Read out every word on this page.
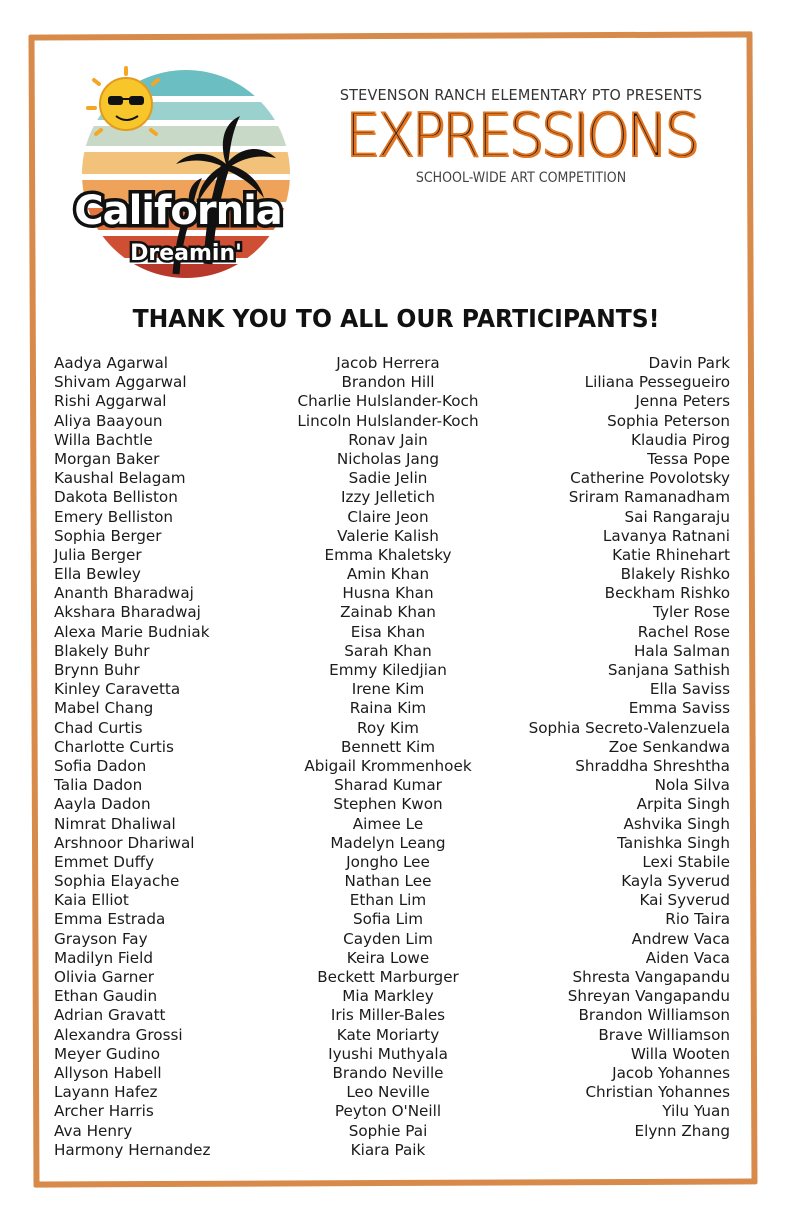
California
Dreamin'
STEVENSON RANCH ELEMENTARY PTO PRESENTS
EXPRESSIONS
SCHOOL-WIDE ART COMPETITION
THANK YOU TO ALL OUR PARTICIPANTS!
Aadya Agarwal
Shivam Aggarwal
Rishi Aggarwal
Aliya Baayoun
Willa Bachtle
Morgan Baker
Kaushal Belagam
Dakota Belliston
Emery Belliston
Sophia Berger
Julia Berger
Ella Bewley
Ananth Bharadwaj
Akshara Bharadwaj
Alexa Marie Budniak
Blakely Buhr
Brynn Buhr
Kinley Caravetta
Mabel Chang
Chad Curtis
Charlotte Curtis
Sofia Dadon
Talia Dadon
Aayla Dadon
Nimrat Dhaliwal
Arshnoor Dhariwal
Emmet Duffy
Sophia Elayache
Kaia Elliot
Emma Estrada
Grayson Fay
Madilyn Field
Olivia Garner
Ethan Gaudin
Adrian Gravatt
Alexandra Grossi
Meyer Gudino
Allyson Habell
Layann Hafez
Archer Harris
Ava Henry
Harmony Hernandez
Jacob Herrera
Brandon Hill
Charlie Hulslander-Koch
Lincoln Hulslander-Koch
Ronav Jain
Nicholas Jang
Sadie Jelin
Izzy Jelletich
Claire Jeon
Valerie Kalish
Emma Khaletsky
Amin Khan
Husna Khan
Zainab Khan
Eisa Khan
Sarah Khan
Emmy Kiledjian
Irene Kim
Raina Kim
Roy Kim
Bennett Kim
Abigail Krommenhoek
Sharad Kumar
Stephen Kwon
Aimee Le
Madelyn Leang
Jongho Lee
Nathan Lee
Ethan Lim
Sofia Lim
Cayden Lim
Keira Lowe
Beckett Marburger
Mia Markley
Iris Miller-Bales
Kate Moriarty
Iyushi Muthyala
Brando Neville
Leo Neville
Peyton O'Neill
Sophie Pai
Kiara Paik
Davin Park
Liliana Pessegueiro
Jenna Peters
Sophia Peterson
Klaudia Pirog
Tessa Pope
Catherine Povolotsky
Sriram Ramanadham
Sai Rangaraju
Lavanya Ratnani
Katie Rhinehart
Blakely Rishko
Beckham Rishko
Tyler Rose
Rachel Rose
Hala Salman
Sanjana Sathish
Ella Saviss
Emma Saviss
Sophia Secreto-Valenzuela
Zoe Senkandwa
Shraddha Shreshtha
Nola Silva
Arpita Singh
Ashvika Singh
Tanishka Singh
Lexi Stabile
Kayla Syverud
Kai Syverud
Rio Taira
Andrew Vaca
Aiden Vaca
Shresta Vangapandu
Shreyan Vangapandu
Brandon Williamson
Brave Williamson
Willa Wooten
Jacob Yohannes
Christian Yohannes
Yilu Yuan
Elynn Zhang
